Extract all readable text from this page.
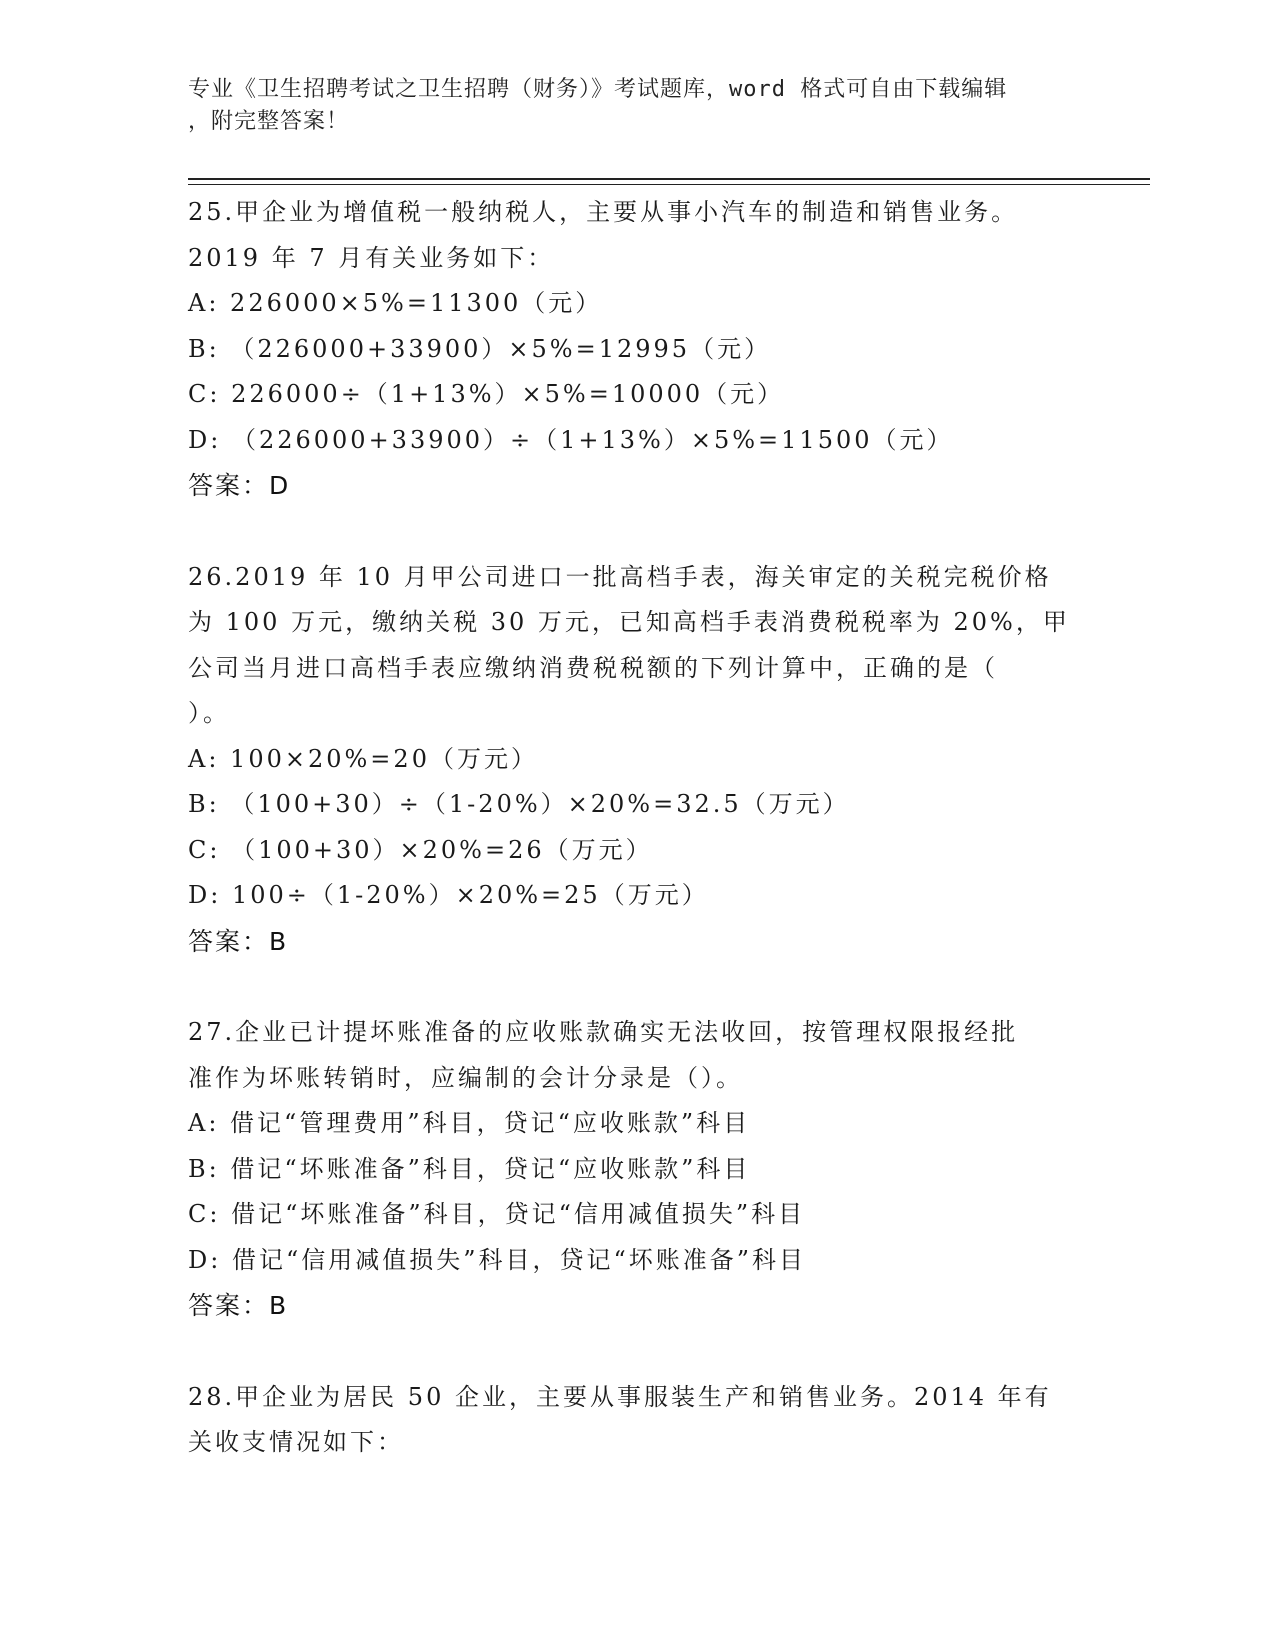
专业《卫生招聘考试之卫生招聘（财务）》考试题库，word 格式可自由下载编辑
，附完整答案！
25.甲企业为增值税一般纳税人，主要从事小汽车的制造和销售业务。
2019 年 7 月有关业务如下：
A: 226000×5%=11300（元）
B: （226000+33900）×5%=12995（元）
C: 226000÷（1+13%）×5%=10000（元）
D: （226000+33900）÷（1+13%）×5%=11500（元）
答案：D
26.2019 年 10 月甲公司进口一批高档手表，海关审定的关税完税价格
为 100 万元，缴纳关税 30 万元，已知高档手表消费税税率为 20%，甲
公司当月进口高档手表应缴纳消费税税额的下列计算中，正确的是（
）。
A: 100×20%=20（万元）
B: （100+30）÷（1-20%）×20%=32.5（万元）
C: （100+30）×20%=26（万元）
D: 100÷（1-20%）×20%=25（万元）
答案：B
27.企业已计提坏账准备的应收账款确实无法收回，按管理权限报经批
准作为坏账转销时，应编制的会计分录是（）。
A: 借记“管理费用”科目，贷记“应收账款”科目
B: 借记“坏账准备”科目，贷记“应收账款”科目
C: 借记“坏账准备”科目，贷记“信用减值损失”科目
D: 借记“信用减值损失”科目，贷记“坏账准备”科目
答案：B
28.甲企业为居民 50 企业，主要从事服装生产和销售业务。2014 年有
关收支情况如下：
